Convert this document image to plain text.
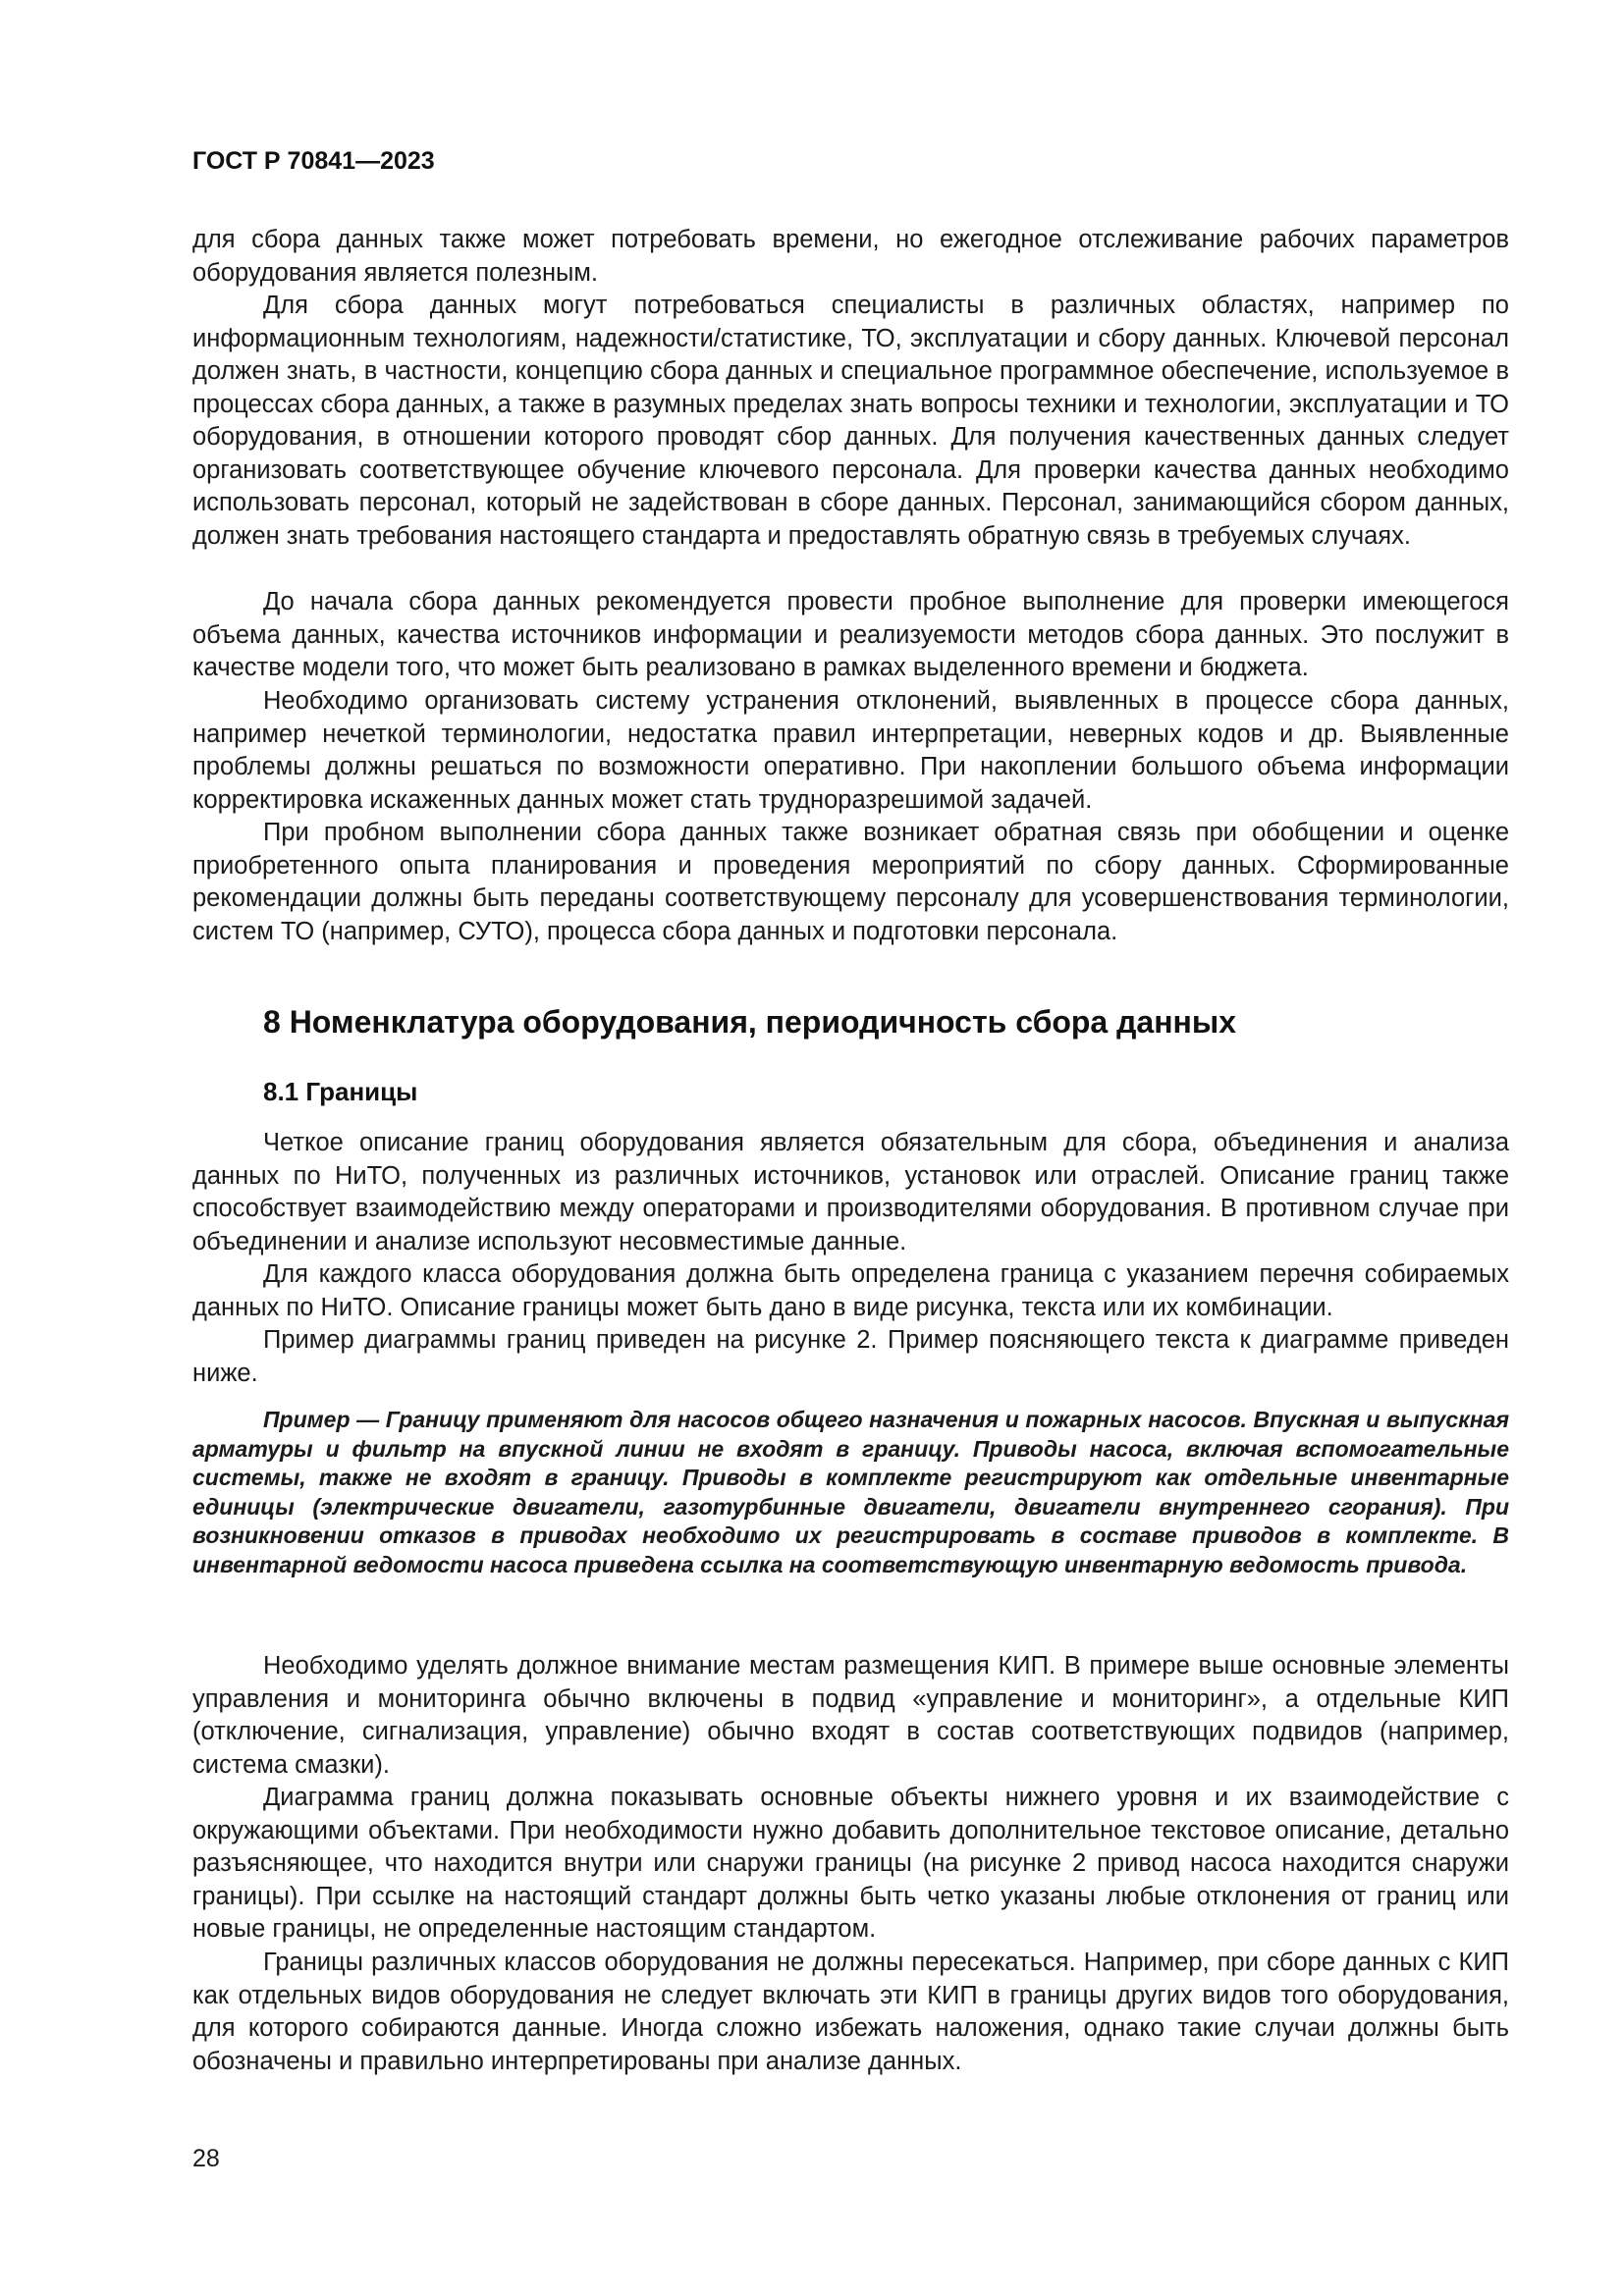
ГОСТ Р 70841—2023

для сбора данных также может потребовать времени, но ежегодное отслеживание рабочих параметров оборудования является полезным.

Для сбора данных могут потребоваться специалисты в различных областях, например по информационным технологиям, надежности/статистике, ТО, эксплуатации и сбору данных. Ключевой персонал должен знать, в частности, концепцию сбора данных и специальное программное обеспечение, используемое в процессах сбора данных, а также в разумных пределах знать вопросы техники и технологии, эксплуатации и ТО оборудования, в отношении которого проводят сбор данных. Для получения качественных данных следует организовать соответствующее обучение ключевого персонала. Для проверки качества данных необходимо использовать персонал, который не задействован в сборе данных. Персонал, занимающийся сбором данных, должен знать требования настоящего стандарта и предоставлять обратную связь в требуемых случаях.

До начала сбора данных рекомендуется провести пробное выполнение для проверки имеющегося объема данных, качества источников информации и реализуемости методов сбора данных. Это послужит в качестве модели того, что может быть реализовано в рамках выделенного времени и бюджета.

Необходимо организовать систему устранения отклонений, выявленных в процессе сбора данных, например нечеткой терминологии, недостатка правил интерпретации, неверных кодов и др. Выявленные проблемы должны решаться по возможности оперативно. При накоплении большого объема информации корректировка искаженных данных может стать трудноразрешимой задачей.

При пробном выполнении сбора данных также возникает обратная связь при обобщении и оценке приобретенного опыта планирования и проведения мероприятий по сбору данных. Сформированные рекомендации должны быть переданы соответствующему персоналу для усовершенствования терминологии, систем ТО (например, СУТО), процесса сбора данных и подготовки персонала.

8 Номенклатура оборудования, периодичность сбора данных
8.1 Границы

Четкое описание границ оборудования является обязательным для сбора, объединения и анализа данных по НиТО, полученных из различных источников, установок или отраслей. Описание границ также способствует взаимодействию между операторами и производителями оборудования. В противном случае при объединении и анализе используют несовместимые данные.

Для каждого класса оборудования должна быть определена граница с указанием перечня собираемых данных по НиТО. Описание границы может быть дано в виде рисунка, текста или их комбинации.

Пример диаграммы границ приведен на рисунке 2. Пример поясняющего текста к диаграмме приведен ниже.

Пример — Границу применяют для насосов общего назначения и пожарных насосов. Впускная и выпускная арматуры и фильтр на впускной линии не входят в границу. Приводы насоса, включая вспомогательные системы, также не входят в границу. Приводы в комплекте регистрируют как отдельные инвентарные единицы (электрические двигатели, газотурбинные двигатели, двигатели внутреннего сгорания). При возникновении отказов в приводах необходимо их регистрировать в составе приводов в комплекте. В инвентарной ведомости насоса приведена ссылка на соответствующую инвентарную ведомость привода.

Необходимо уделять должное внимание местам размещения КИП. В примере выше основные элементы управления и мониторинга обычно включены в подвид «управление и мониторинг», а отдельные КИП (отключение, сигнализация, управление) обычно входят в состав соответствующих подвидов (например, система смазки).

Диаграмма границ должна показывать основные объекты нижнего уровня и их взаимодействие с окружающими объектами. При необходимости нужно добавить дополнительное текстовое описание, детально разъясняющее, что находится внутри или снаружи границы (на рисунке 2 привод насоса находится снаружи границы). При ссылке на настоящий стандарт должны быть четко указаны любые отклонения от границ или новые границы, не определенные настоящим стандартом.

Границы различных классов оборудования не должны пересекаться. Например, при сборе данных с КИП как отдельных видов оборудования не следует включать эти КИП в границы других видов того оборудования, для которого собираются данные. Иногда сложно избежать наложения, однако такие случаи должны быть обозначены и правильно интерпретированы при анализе данных.

28
